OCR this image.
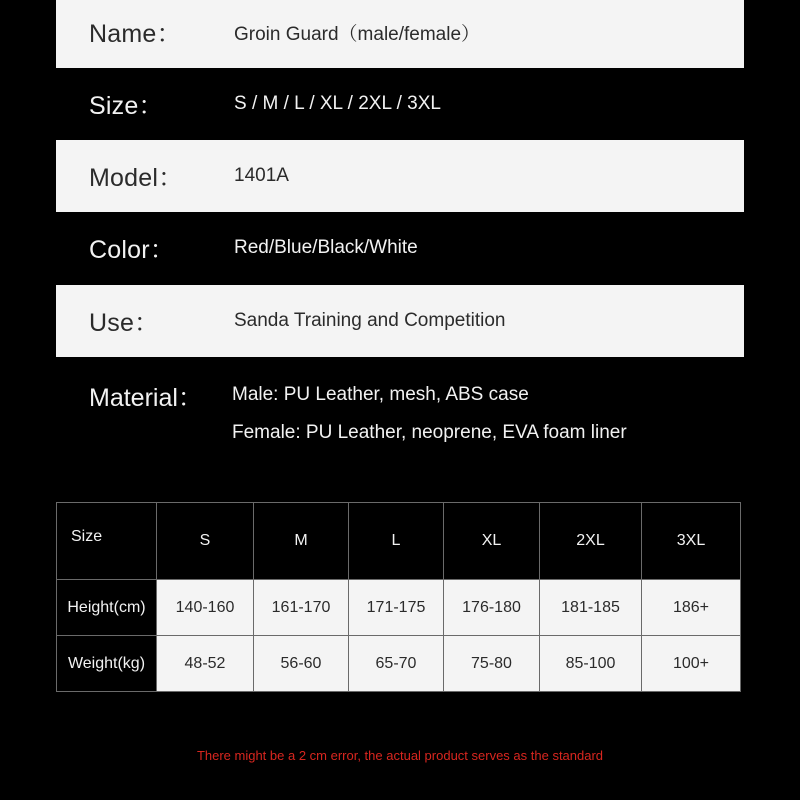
Name：	Groin Guard（male/female）
Size：	S / M / L / XL / 2XL / 3XL
Model：	1401A
Color：	Red/Blue/Black/White
Use：	Sanda Training and Competition
Material： Male: PU Leather, mesh, ABS case
Female: PU Leather, neoprene, EVA foam liner
Size	S	M	L	XL	2XL	3XL
Height(cm)	140-160	161-170	171-175	176-180	181-185	186+
Weight(kg)	48-52	56-60	65-70	75-80	85-100	100+
There might be a 2 cm error, the actual product serves as the standard
